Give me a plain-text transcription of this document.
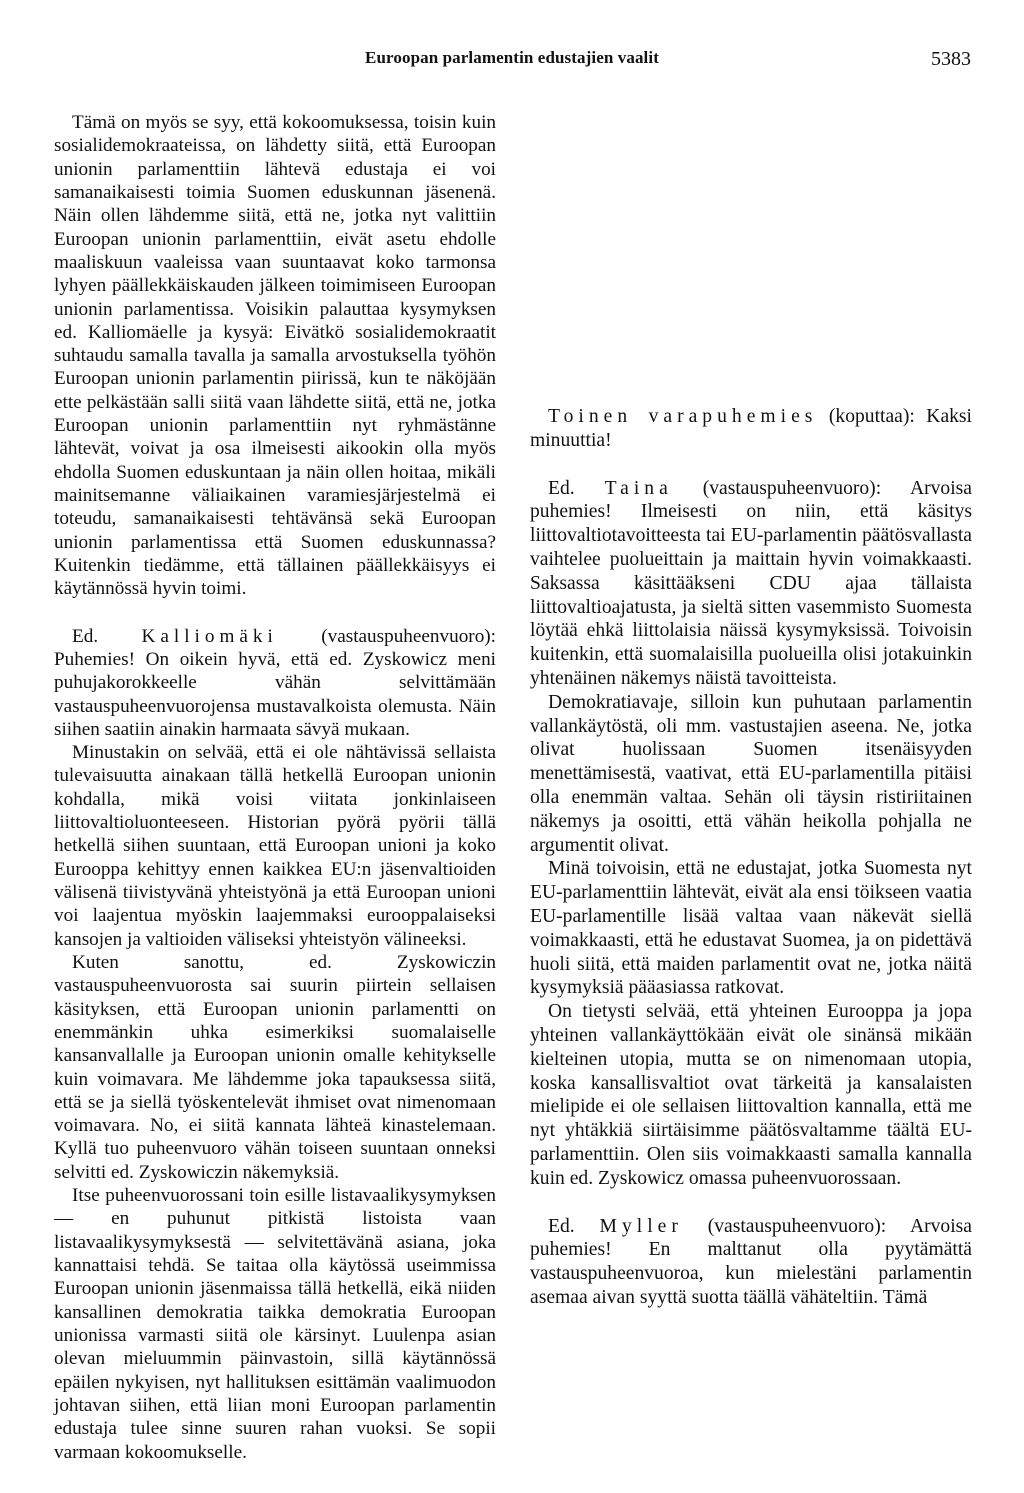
Euroopan parlamentin edustajien vaalit	5383

Tämä on myös se syy, että kokoomuksessa, toisin kuin sosialidemokraateissa, on lähdetty siitä, että Euroopan unionin parlamenttiin lähtevä edustaja ei voi samanaikaisesti toimia Suomen eduskunnan jäsenenä. Näin ollen lähdemme siitä, että ne, jotka nyt valittiin Euroopan unionin parlamenttiin, eivät asetu ehdolle maaliskuun vaaleissa vaan suuntaavat koko tarmonsa lyhyen päällekkäiskauden jälkeen toimimiseen Euroopan unionin parlamentissa. Voisikin palauttaa kysymyksen ed. Kalliomäelle ja kysyä: Eivätkö sosialidemokraatit suhtaudu samalla tavalla ja samalla arvostuksella työhön Euroopan unionin parlamentin piirissä, kun te näköjään ette pelkästään salli siitä vaan lähdette siitä, että ne, jotka Euroopan unionin parlamenttiin nyt ryhmästänne lähtevät, voivat ja osa ilmeisesti aikookin olla myös ehdolla Suomen eduskuntaan ja näin ollen hoitaa, mikäli mainitsemanne väliaikainen varamiesjärjestelmä ei toteudu, samanaikaisesti tehtävänsä sekä Euroopan unionin parlamentissa että Suomen eduskunnassa? Kuitenkin tiedämme, että tällainen päällekkäisyys ei käytännössä hyvin toimi.

Ed. Kalliomäki (vastauspuheenvuoro): Puhemies! On oikein hyvä, että ed. Zyskowicz meni puhujakorokkeelle vähän selvittämään vastauspuheenvuorojensa mustavalkoista olemusta. Näin siihen saatiin ainakin harmaata sävyä mukaan.

Minustakin on selvää, että ei ole nähtävissä sellaista tulevaisuutta ainakaan tällä hetkellä Euroopan unionin kohdalla, mikä voisi viitata jonkinlaiseen liittovaltioluonteeseen. Historian pyörä pyörii tällä hetkellä siihen suuntaan, että Euroopan unioni ja koko Eurooppa kehittyy ennen kaikkea EU:n jäsenvaltioiden välisenä tiivistyvänä yhteistyönä ja että Euroopan unioni voi laajentua myöskin laajemmaksi eurooppalaiseksi kansojen ja valtioiden väliseksi yhteistyön välineeksi.

Kuten sanottu, ed. Zyskowiczin vastauspuheenvuorosta sai suurin piirtein sellaisen käsityksen, että Euroopan unionin parlamentti on enemmänkin uhka esimerkiksi suomalaiselle kansanvallalle ja Euroopan unionin omalle kehitykselle kuin voimavara. Me lähdemme joka tapauksessa siitä, että se ja siellä työskentelevät ihmiset ovat nimenomaan voimavara. No, ei siitä kannata lähteä kinastelemaan. Kyllä tuo puheenvuoro vähän toiseen suuntaan onneksi selvitti ed. Zyskowiczin näkemyksiä.

Itse puheenvuorossani toin esille listavaalikysymyksen — en puhunut pitkistä listoista vaan listavaalikysymyksestä — selvitettävänä asiana, joka kannattaisi tehdä. Se taitaa olla käytössä useimmissa Euroopan unionin jäsenmaissa tällä hetkellä, eikä niiden kansallinen demokratia taikka demokratia Euroopan unionissa varmasti siitä ole kärsinyt. Luulenpa asian olevan mieluummin päinvastoin, sillä käytännössä epäilen nykyisen, nyt hallituksen esittämän vaalimuodon johtavan siihen, että liian moni Euroopan parlamentin edustaja tulee sinne suuren rahan vuoksi. Se sopii varmaan kokoomukselle.

Toinen varapuhemies (koputtaa): Kaksi minuuttia!

Ed. Taina (vastauspuheenvuoro): Arvoisa puhemies! Ilmeisesti on niin, että käsitys liittovaltiotavoitteesta tai EU-parlamentin päätösvallasta vaihtelee puolueittain ja maittain hyvin voimakkaasti. Saksassa käsittääkseni CDU ajaa tällaista liittovaltioajatusta, ja sieltä sitten vasemmisto Suomesta löytää ehkä liittolaisia näissä kysymyksissä. Toivoisin kuitenkin, että suomalaisilla puolueilla olisi jotakuinkin yhtenäinen näkemys näistä tavoitteista.

Demokratiavaje, silloin kun puhutaan parlamentin vallankäytöstä, oli mm. vastustajien aseena. Ne, jotka olivat huolissaan Suomen itsenäisyyden menettämisestä, vaativat, että EU-parlamentilla pitäisi olla enemmän valtaa. Sehän oli täysin ristiriitainen näkemys ja osoitti, että vähän heikolla pohjalla ne argumentit olivat.

Minä toivoisin, että ne edustajat, jotka Suomesta nyt EU-parlamenttiin lähtevät, eivät ala ensi töikseen vaatia EU-parlamentille lisää valtaa vaan näkevät siellä voimakkaasti, että he edustavat Suomea, ja on pidettävä huoli siitä, että maiden parlamentit ovat ne, jotka näitä kysymyksiä pääasiassa ratkovat.

On tietysti selvää, että yhteinen Eurooppa ja jopa yhteinen vallankäyttökään eivät ole sinänsä mikään kielteinen utopia, mutta se on nimenomaan utopia, koska kansallisvaltiot ovat tärkeitä ja kansalaisten mielipide ei ole sellaisen liittovaltion kannalla, että me nyt yhtäkkiä siirtäisimme päätösvaltamme täältä EU-parlamenttiin. Olen siis voimakkaasti samalla kannalla kuin ed. Zyskowicz omassa puheenvuorossaan.

Ed. Myller (vastauspuheenvuoro): Arvoisa puhemies! En malttanut olla pyytämättä vastauspuheenvuoroa, kun mielestäni parlamentin asemaa aivan syyttä suotta täällä vähäteltiin. Tämä
